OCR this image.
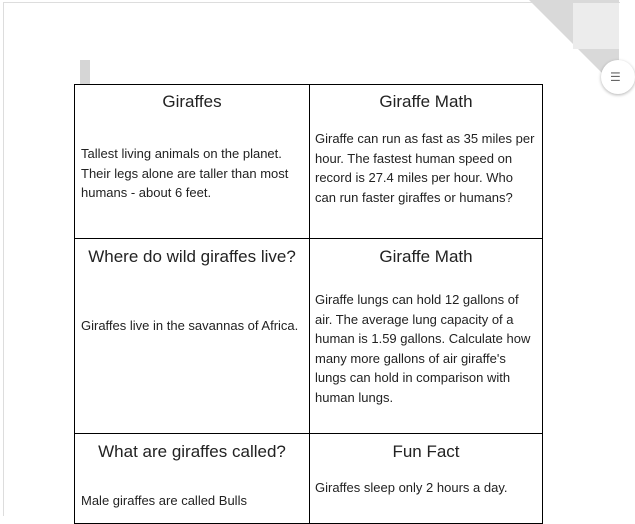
☰
Giraffes
Tallest living animals on the planet. Their legs alone are taller than most humans - about 6 feet.
Giraffe Math
Giraffe can run as fast as 35 miles per hour. The fastest human speed on record is 27.4 miles per hour. Who can run faster giraffes or humans?
Where do wild giraffes live?
Giraffes live in the savannas of Africa.
Giraffe Math
Giraffe lungs can hold 12 gallons of air. The average lung capacity of a human is 1.59 gallons. Calculate how many more gallons of air giraffe's lungs can hold in comparison with human lungs.
What are giraffes called?
Male giraffes are called Bulls
Fun Fact
Giraffes sleep only 2 hours a day.
